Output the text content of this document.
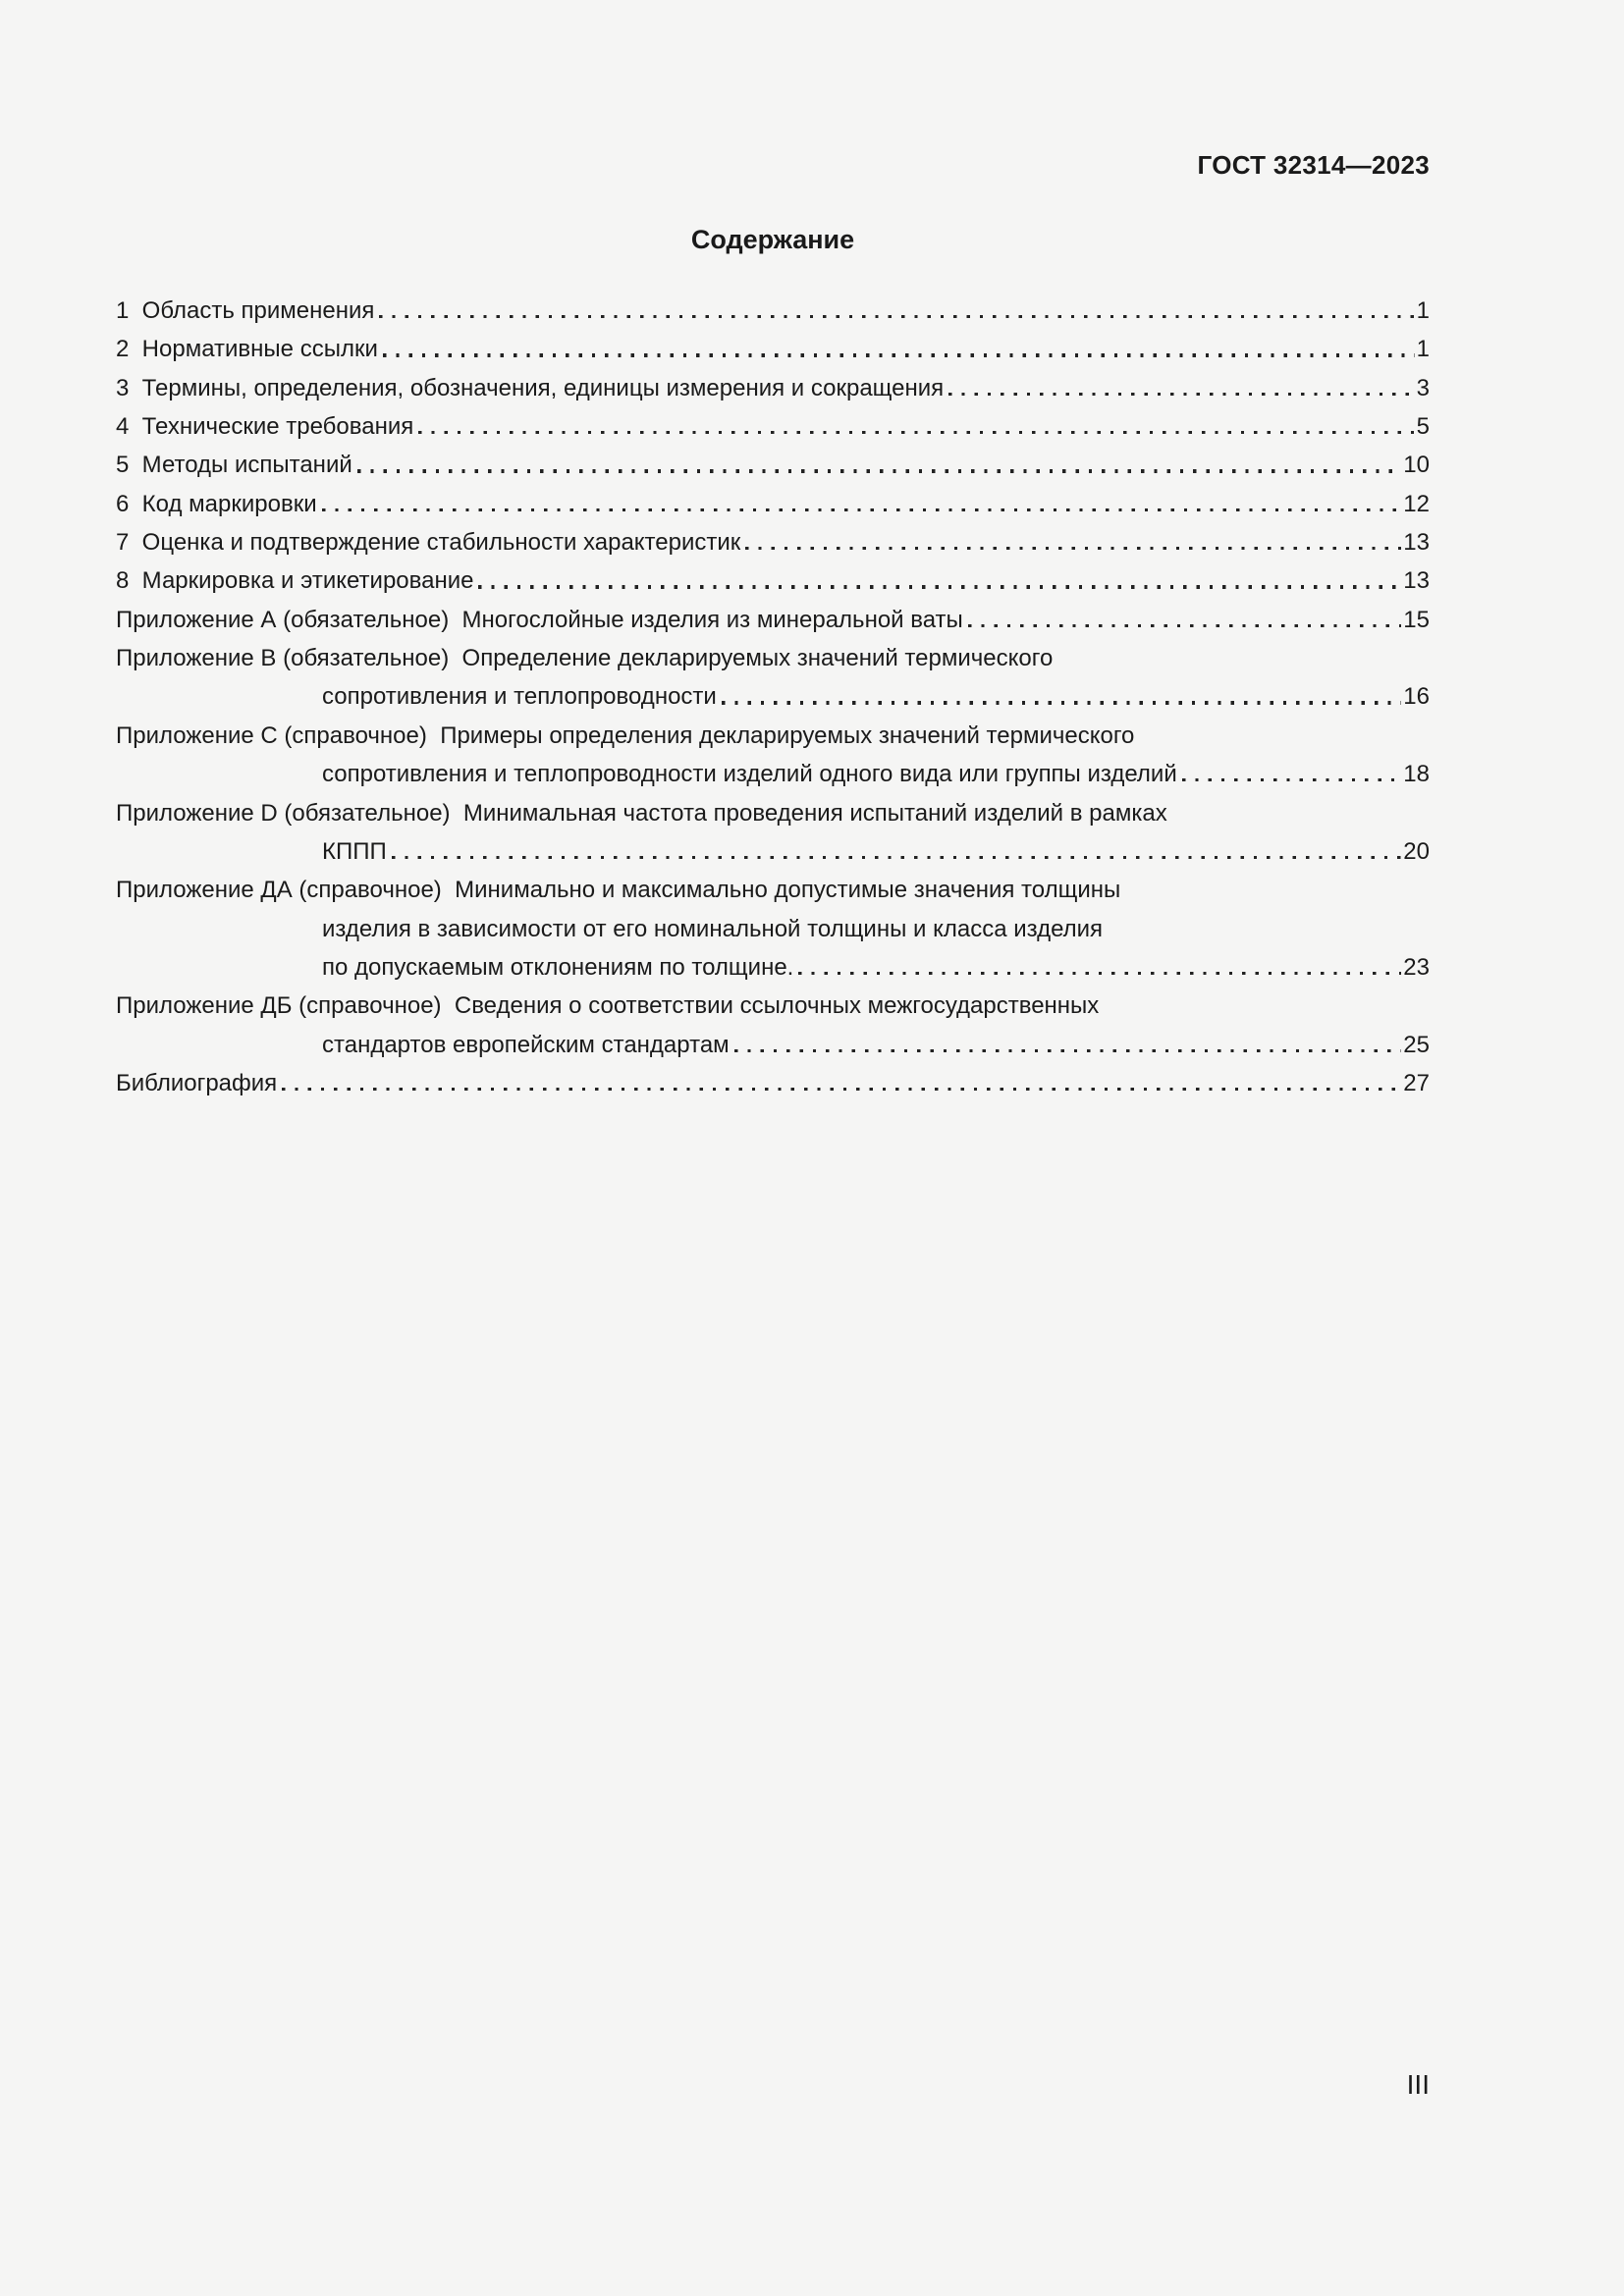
ГОСТ 32314—2023
Содержание
1  Область применения	1
2  Нормативные ссылки	1
3  Термины, определения, обозначения, единицы измерения и сокращения	3
4  Технические требования	5
5  Методы испытаний	10
6  Код маркировки	12
7  Оценка и подтверждение стабильности характеристик	13
8  Маркировка и этикетирование	13
Приложение А (обязательное)  Многослойные изделия из минеральной ваты	15
Приложение В (обязательное)  Определение декларируемых значений термического
сопротивления и теплопроводности	16
Приложение С (справочное)  Примеры определения декларируемых значений термического
сопротивления и теплопроводности изделий одного вида или группы изделий	18
Приложение D (обязательное)  Минимальная частота проведения испытаний изделий в рамках
КППП	20
Приложение ДА (справочное)  Минимально и максимально допустимые значения толщины
изделия в зависимости от его номинальной толщины и класса изделия
по допускаемым отклонениям по толщине.	23
Приложение ДБ (справочное)  Сведения о соответствии ссылочных межгосударственных
стандартов европейским стандартам	25
Библиография	27
III
